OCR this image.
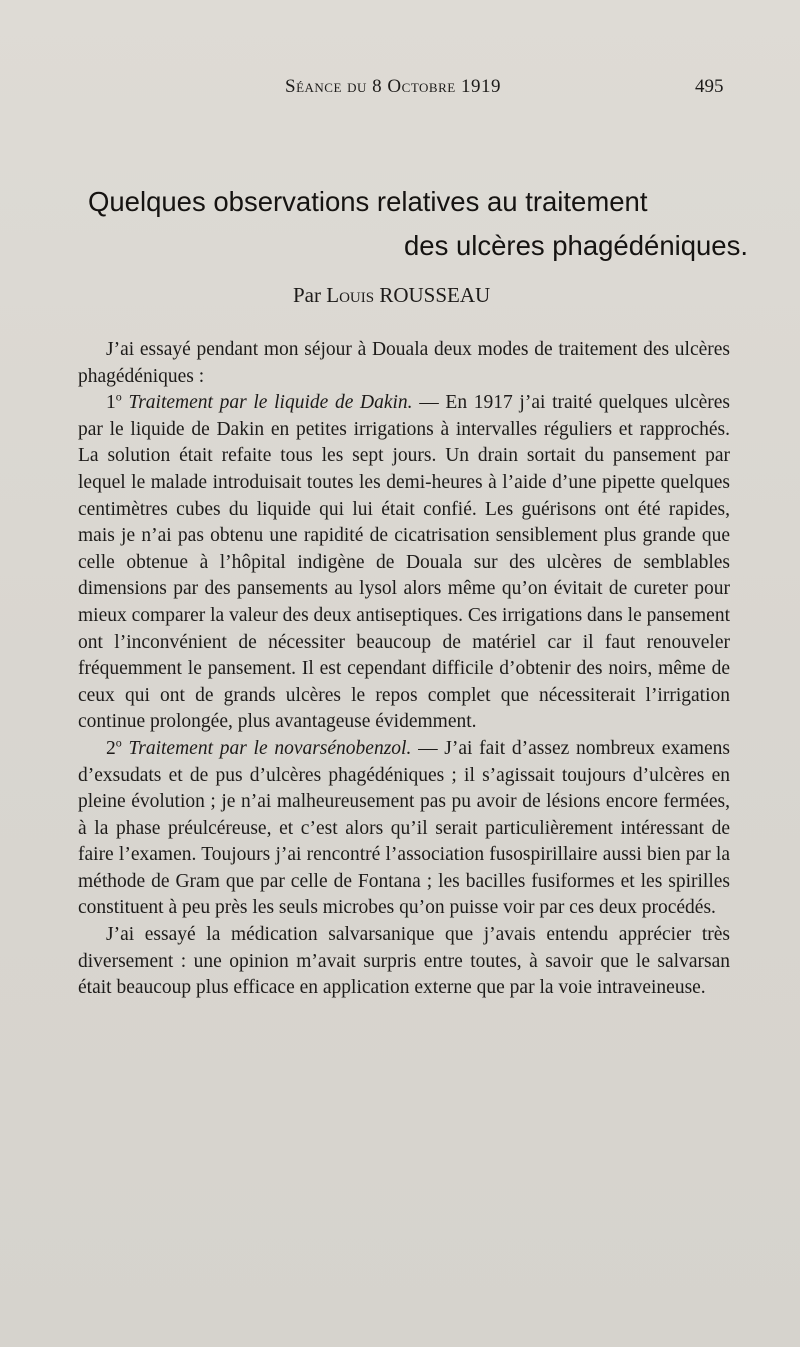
Séance du 8 Octobre 1919	495
Quelques observations relatives au traitement
des ulcères phagédéniques.
Par Louis ROUSSEAU

J’ai essayé pendant mon séjour à Douala deux modes de traitement des ulcères phagédéniques :

1$^o$ Traitement par le liquide de Dakin. — En 1917 j’ai traité quelques ulcères par le liquide de Dakin en petites irrigations à intervalles réguliers et rapprochés. La solution était refaite tous les sept jours. Un drain sortait du pansement par lequel le malade introduisait toutes les demi-heures à l’aide d’une pipette quelques centimètres cubes du liquide qui lui était confié. Les guérisons ont été rapides, mais je n’ai pas obtenu une rapidité de cicatrisation sensiblement plus grande que celle obtenue à l’hôpital indigène de Douala sur des ulcères de semblables dimensions par des pansements au lysol alors même qu’on évitait de cureter pour mieux comparer la valeur des deux antiseptiques. Ces irrigations dans le pansement ont l’inconvénient de nécessiter beaucoup de matériel car il faut renouveler fréquemment le pansement. Il est cependant difficile d’obtenir des noirs, même de ceux qui ont de grands ulcères le repos complet que nécessiterait l’irrigation continue prolongée, plus avantageuse évidemment.

2$^o$ Traitement par le novarsénobenzol. — J’ai fait d’assez nombreux examens d’exsudats et de pus d’ulcères phagédéniques ; il s’agissait toujours d’ulcères en pleine évolution ; je n’ai malheureusement pas pu avoir de lésions encore fermées, à la phase préulcéreuse, et c’est alors qu’il serait particulièrement intéressant de faire l’examen. Toujours j’ai rencontré l’association fusospirillaire aussi bien par la méthode de Gram que par celle de Fontana ; les bacilles fusiformes et les spirilles constituent à peu près les seuls microbes qu’on puisse voir par ces deux procédés.

J’ai essayé la médication salvarsanique que j’avais entendu apprécier très diversement : une opinion m’avait surpris entre toutes, à savoir que le salvarsan était beaucoup plus efficace en application externe que par la voie intraveineuse.
